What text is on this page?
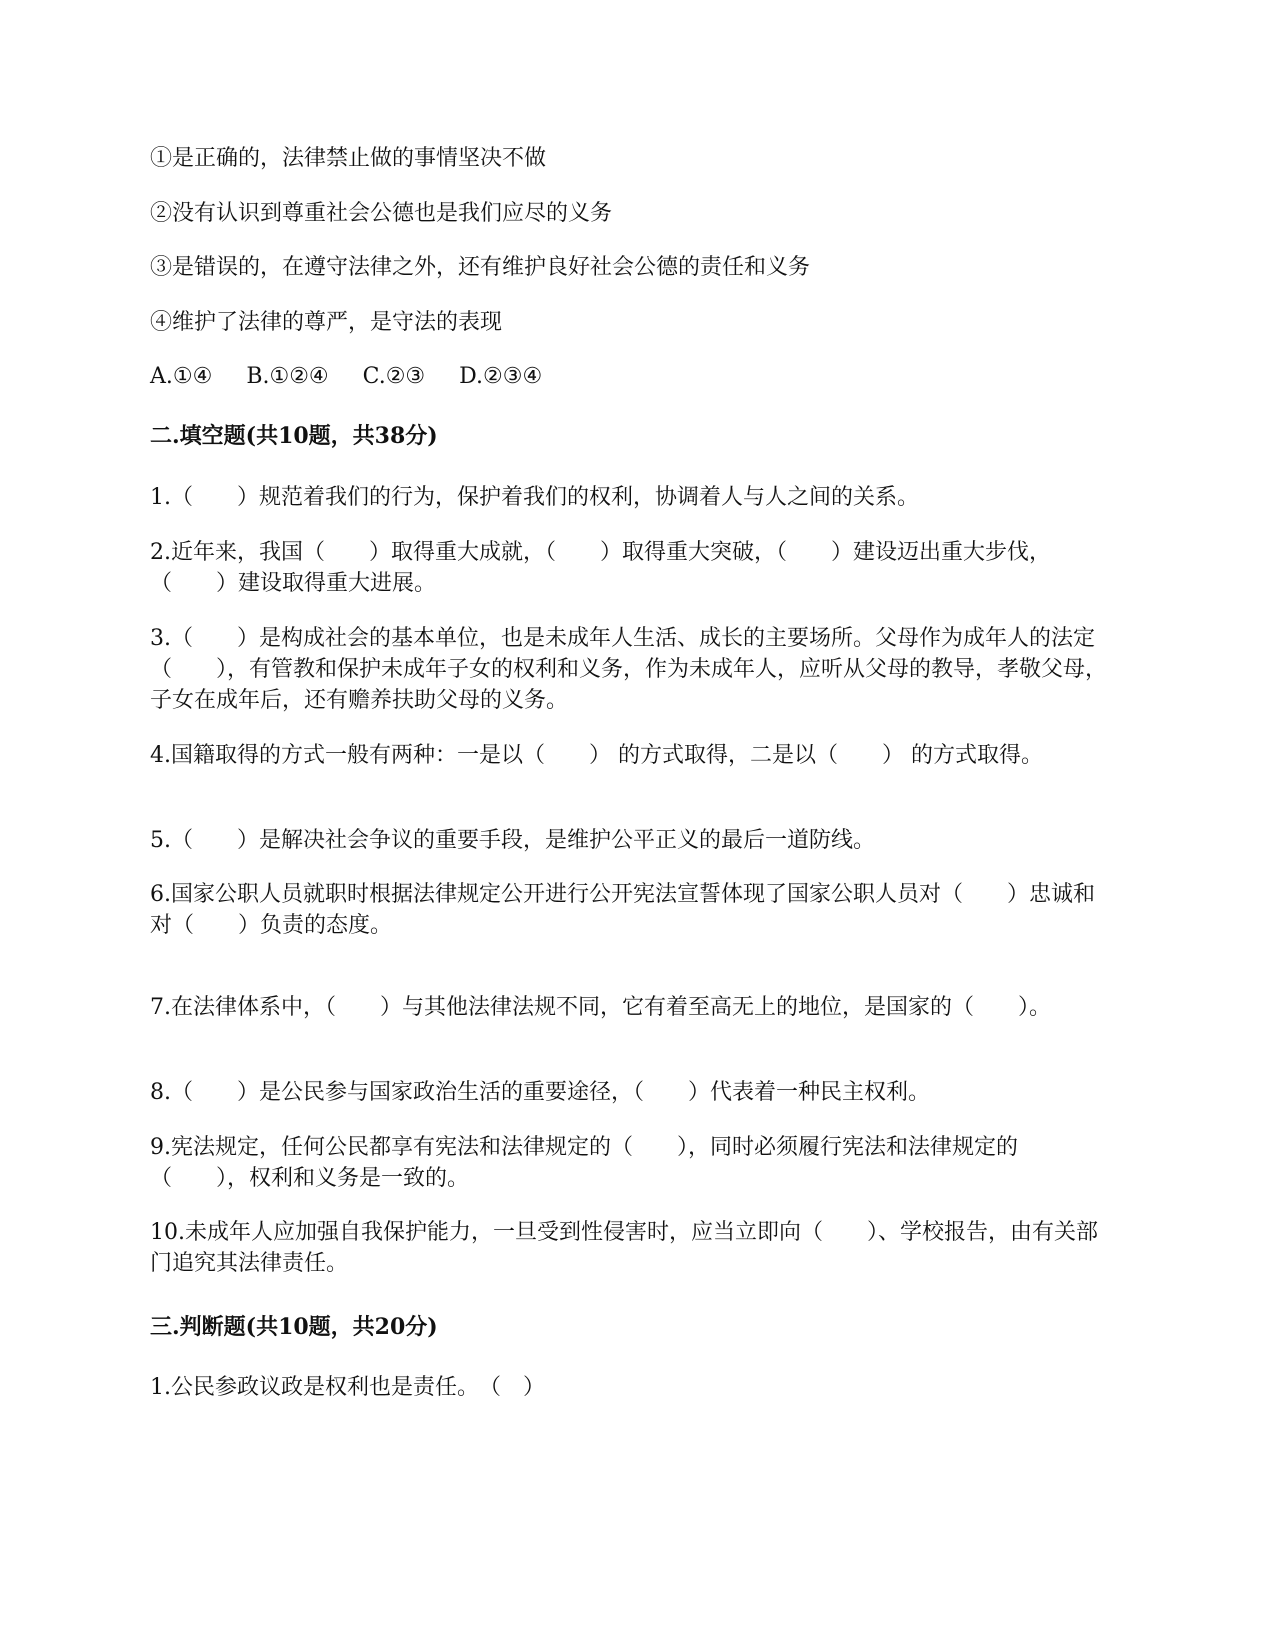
①是正确的，法律禁止做的事情坚决不做
②没有认识到尊重社会公德也是我们应尽的义务
③是错误的，在遵守法律之外，还有维护良好社会公德的责任和义务
④维护了法律的尊严，是守法的表现
A.①④ B.①②④ C.②③ D.②③④
二.填空题(共10题，共38分)
1.（　　）规范着我们的行为，保护着我们的权利，协调着人与人之间的关系。
2.近年来，我国（　　）取得重大成就，（　　）取得重大突破，（　　）建设迈出重大步伐，（　　）建设取得重大进展。
3.（　　）是构成社会的基本单位，也是未成年人生活、成长的主要场所。父母作为成年人的法定（　　），有管教和保护未成年子女的权利和义务，作为未成年人，应听从父母的教导，孝敬父母，子女在成年后，还有赡养扶助父母的义务。
4.国籍取得的方式一般有两种：一是以（　　） 的方式取得，二是以（　　） 的方式取得。
5.（　　）是解决社会争议的重要手段，是维护公平正义的最后一道防线。
6.国家公职人员就职时根据法律规定公开进行公开宪法宣誓体现了国家公职人员对（　　）忠诚和对（　　）负责的态度。
7.在法律体系中，（　　）与其他法律法规不同，它有着至高无上的地位，是国家的（　　）。
8.（　　）是公民参与国家政治生活的重要途径，（　　）代表着一种民主权利。
9.宪法规定，任何公民都享有宪法和法律规定的（　　），同时必须履行宪法和法律规定的（　　），权利和义务是一致的。
10.未成年人应加强自我保护能力，一旦受到性侵害时，应当立即向（　　）、学校报告，由有关部门追究其法律责任。
三.判断题(共10题，共20分)
1.公民参政议政是权利也是责任。　（　）
